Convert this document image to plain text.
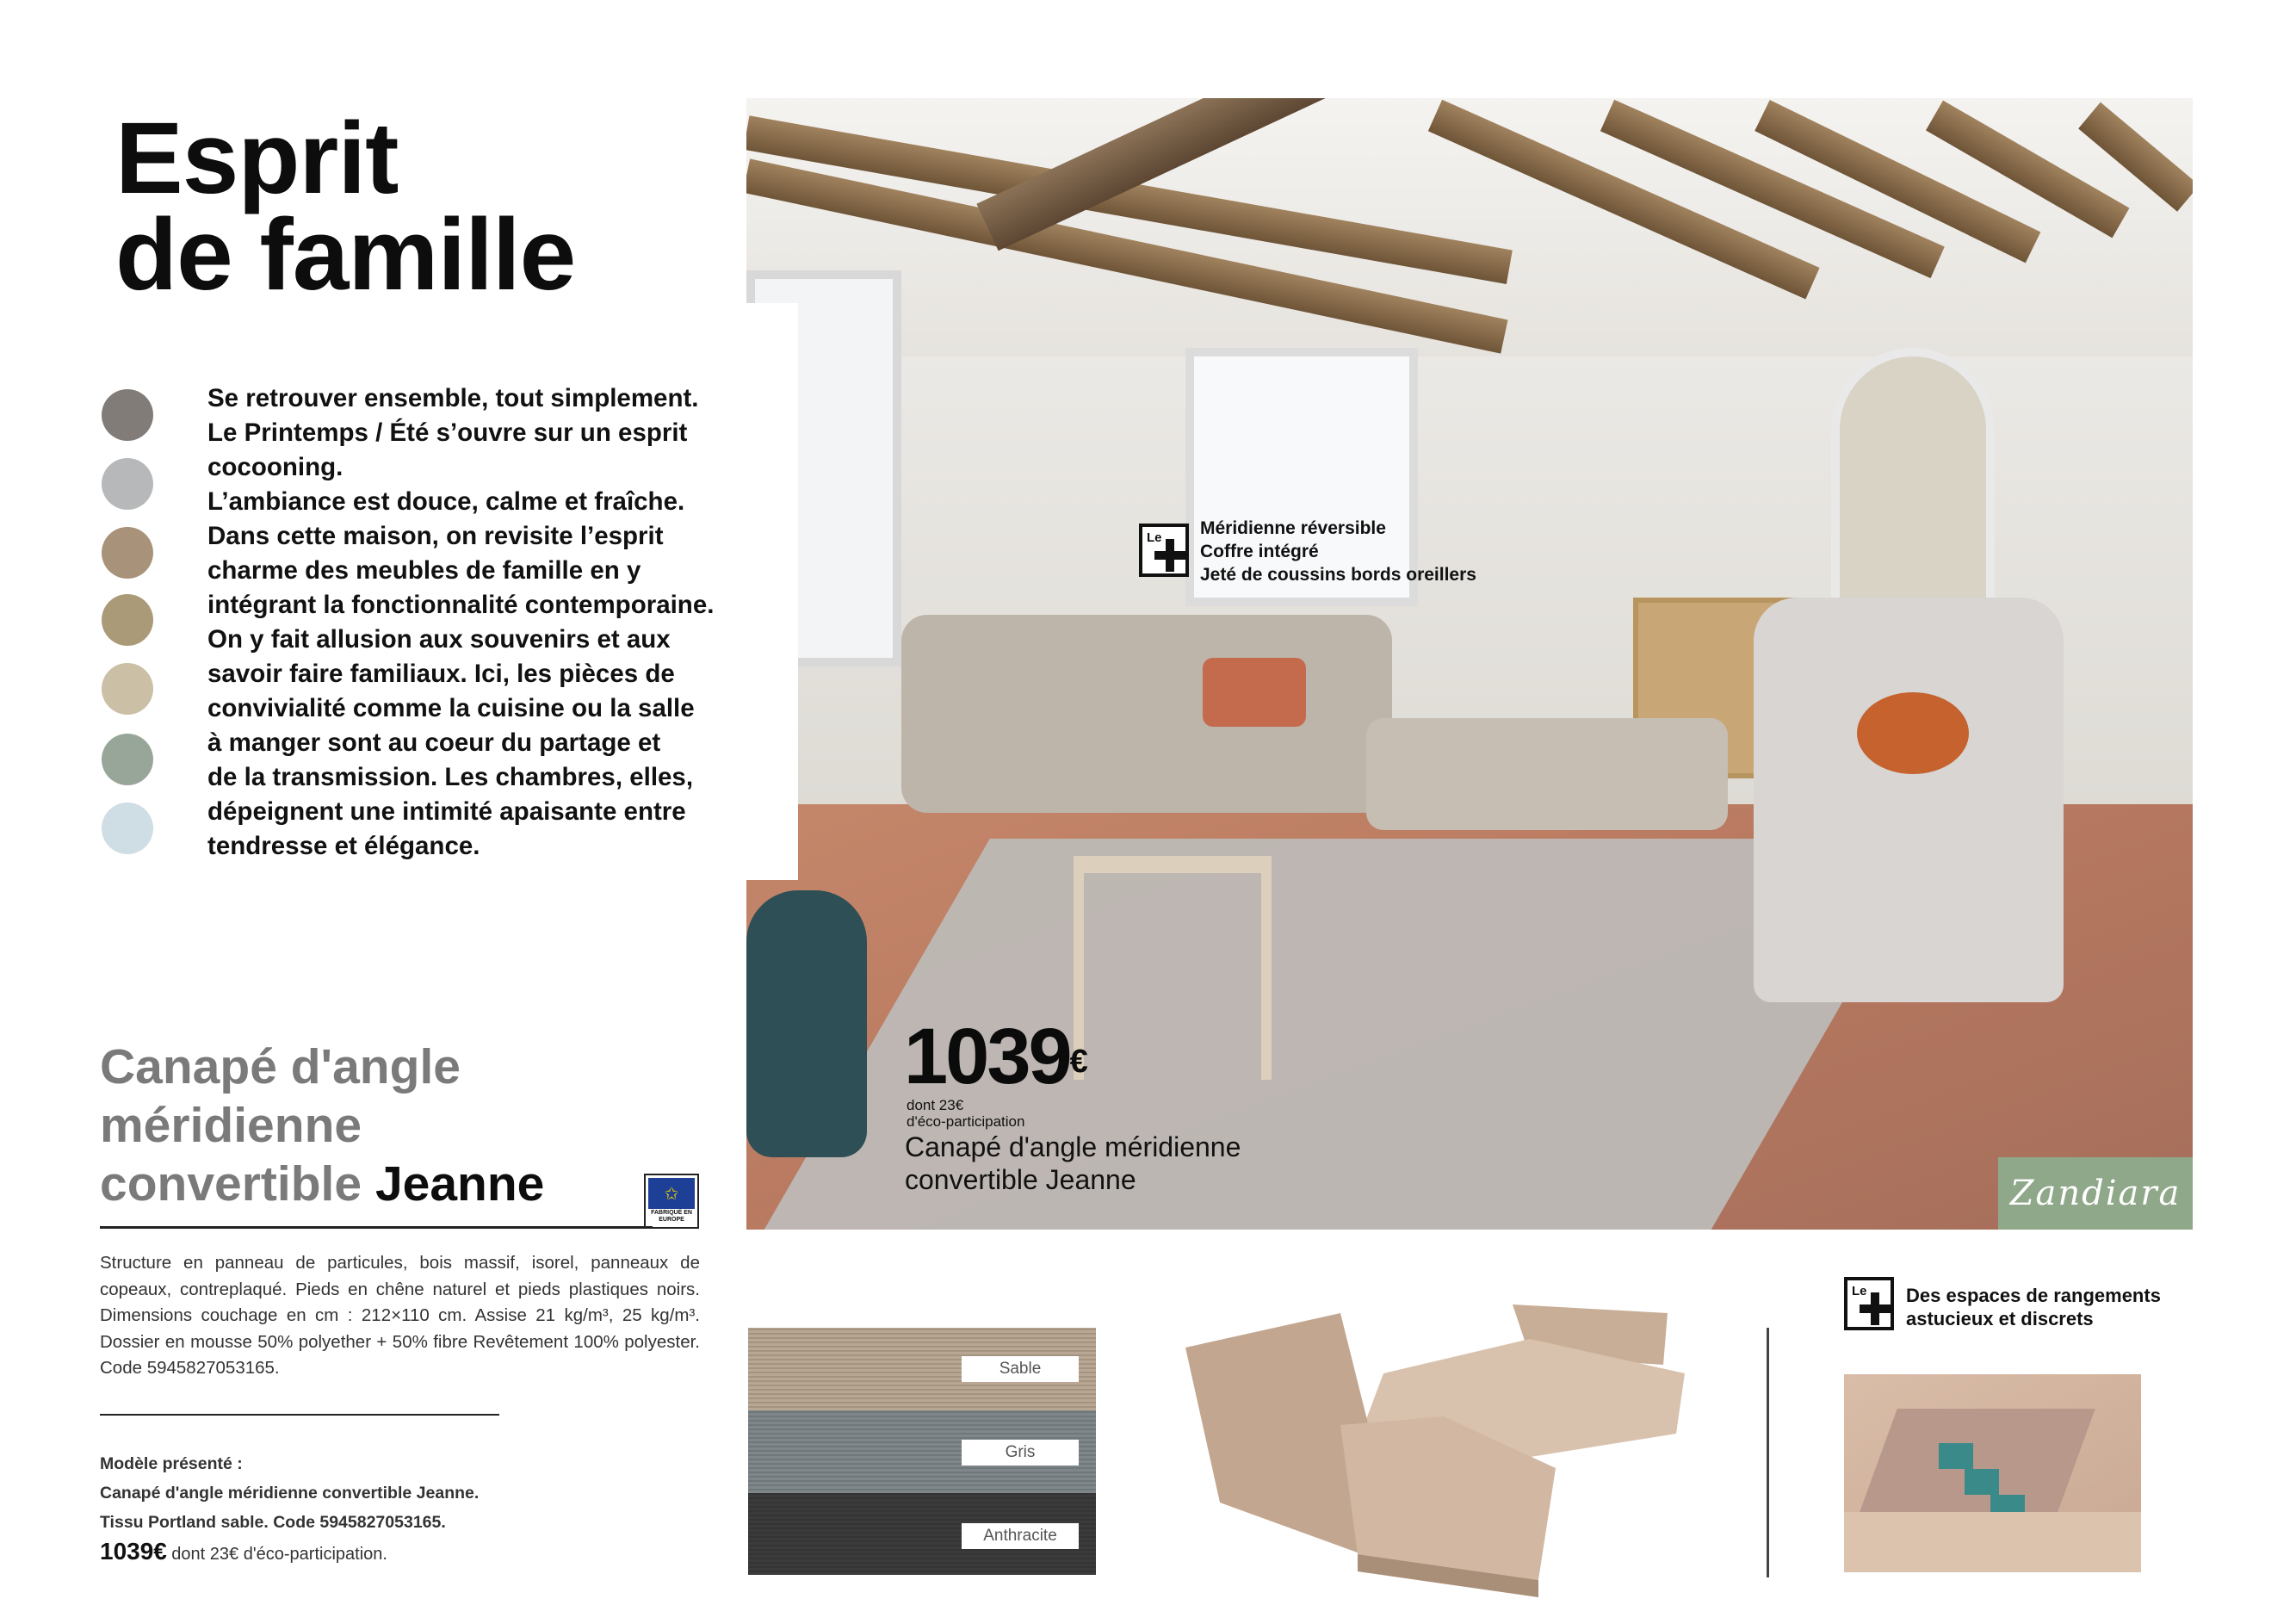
Esprit
de famille
Se retrouver ensemble, tout simplement.
Le Printemps / Été s’ouvre sur un esprit
cocooning.
L’ambiance est douce, calme et fraîche.
Dans cette maison, on revisite l’esprit
charme des meubles de famille en y
intégrant la fonctionnalité contemporaine.
On y fait allusion aux souvenirs et aux
savoir faire familiaux. Ici, les pièces de
convivialité comme la cuisine ou la salle
à manger sont au coeur du partage et
de la transmission. Les chambres, elles,
dépeignent une intimité apaisante entre
tendresse et élégance.
Le Méridienne réversible
Coffre intégré
Jeté de coussins bords oreillers
1039€
dont 23€
d'éco-participation
Canapé d'angle méridienne
convertible Jeanne	Zandiara
Canapé d'angle
méridienne
convertible Jeanne	✩
FABRIQUÉ EN EUROPE
Structure en panneau de particules, bois massif, isorel, panneaux de copeaux, contreplaqué. Pieds en chêne naturel et pieds plastiques noirs. Dimensions couchage en cm : 212×110 cm. Assise 21 kg/m³, 25 kg/m³. Dossier en mousse 50% polyether + 50% fibre Revêtement 100% polyester. Code 5945827053165.
Modèle présenté :
Canapé d'angle méridienne convertible Jeanne.
Tissu Portland sable. Code 5945827053165.
1039€ dont 23€ d'éco-participation.
Sable
Gris
Anthracite
Le Des espaces de rangements
astucieux et discrets
